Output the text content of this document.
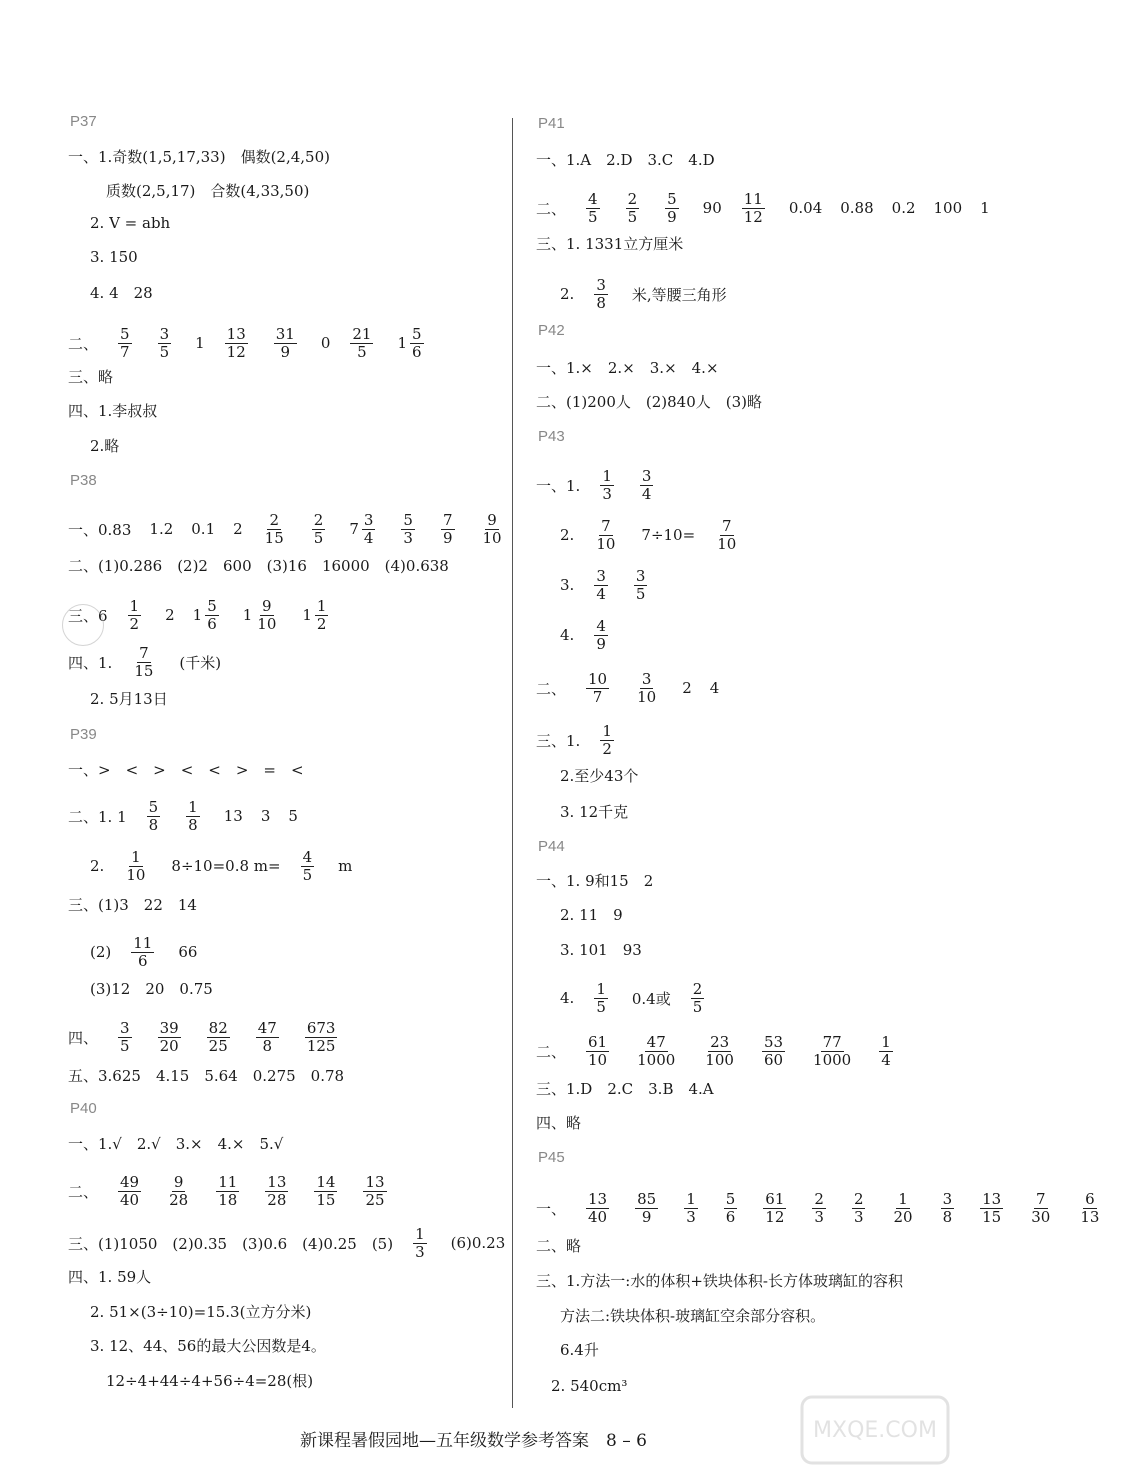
P37
一、1.奇数(1,5,17,33)　偶数(2,4,50)
质数(2,5,17)　合数(4,33,50)
2. V = abh
3. 150
4. 4　28
二、 $\frac{5}{7} \frac{3}{5} 1 \frac{13}{12} \frac{31}{9} 0 \frac{21}{5} 1 \frac{5}{6}$
三、略
四、1.李叔叔
2.略
P38
一、0.83 1.2 0.1 $2 \frac{2}{15} \frac{2}{5} 7 \frac{3}{4} \frac{5}{3} \frac{7}{9} \frac{9}{10}$
二、(1)0.286　(2)2　600　(3)16　16000　(4)0.638
三、$6 \frac{1}{2} 2$ $1 \frac{5}{6} 1 \frac{9}{10} 1 \frac{1}{2}$
四、1. $\frac{7}{15}$ (千米)
2. 5月13日
P39
一、>　<　>　<　<　>　=　<
二、1. $1 \frac{5}{8} \frac{1}{8} 13$ 3 5
2. $\frac{1}{10} 8\div 10=0.8$ $m= \frac{4}{5}$ m
三、(1)3　22　14
$(2) \frac{11}{6} 66$
(3)12　20　0.75
四、 $\frac{3}{5} \frac{39}{20} \frac{82}{25} \frac{47}{8} \frac{673}{125}$
五、3.625　4.15　5.64　0.275　0.78
P40
一、1.√　2.√　3.×　4.×　5.√
二、 $\frac{49}{40} \frac{9}{28} \frac{11}{18} \frac{13}{28} \frac{14}{15} \frac{13}{25}$
三、(1)1050　(2)0.35　(3)0.6　(4)0.25　$(5) \frac{1}{3} (6)0.23$
四、1. 59人
2. 51×(3÷10)=15.3(立方分米)
3. 12、44、56的最大公因数是4。
12÷4+44÷4+56÷4=28(根)
P41
一、1.A　2.D　3.C　4.D
二、 $\frac{4}{5} \frac{2}{5} \frac{5}{9} 90 \frac{11}{12} 0.04$ 0.88 0.2 100 1
三、1. 1331立方厘米
2. $\frac{3}{8}$ 米,等腰三角形
P42
一、1.×　2.×　3.×　4.×
二、(1)200人　(2)840人　(3)略
P43
一、1. $\frac{1}{3} \frac{3}{4}$
2. $\frac{7}{10} 7\div 10= \frac{7}{10}$
3. $\frac{3}{4} \frac{3}{5}$
4. $\frac{4}{9}$
二、 $\frac{10}{7} \frac{3}{10} 2$ 4
三、1. $\frac{1}{2}$
2.至少43个
3. 12千克
P44
一、1. 9和15　2
2. 11　9
3. 101　93
4. $\frac{1}{5} 0.4$或 $\frac{2}{5}$
二、 $\frac{61}{10} \frac{47}{1000} \frac{23}{100} \frac{53}{60} \frac{77}{1000} \frac{1}{4}$
三、1.D　2.C　3.B　4.A
四、略
P45
一、 $\frac{13}{40} \frac{85}{9} \frac{1}{3} \frac{5}{6} \frac{61}{12} \frac{2}{3} \frac{2}{3} \frac{1}{20} \frac{3}{8} \frac{13}{15} \frac{7}{30} \frac{6}{13}$
二、略
三、1.方法一:水的体积+铁块体积-长方体玻璃缸的容积
方法二:铁块体积-玻璃缸空余部分容积。
6.4升
　2. 540cm³
MXQE.COM
新课程暑假园地—五年级数学参考答案　8 – 6
